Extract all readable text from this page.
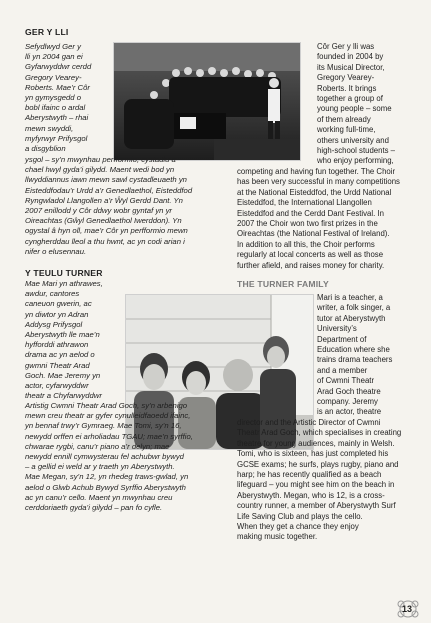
GER Y LLI
Sefydlwyd Ger y
lli yn 2004 gan ei
Gyfarwyddwr cerdd
Gregory Vearey-
Roberts. Mae’r Côr
yn gymysgedd o
bobl ifainc o ardal
Aberystwyth – rhai
mewn swyddi,
myfyrwyr Prifysgol
a disgyblion
ysgol – sy’n mwynhau perfformio, cystadlu a
chael hwyl gyda’i gilydd. Maent wedi bod yn
llwyddiannus iawn mewn sawl cystadleuaeth yn
Eisteddfodau’r Urdd a’r Genedlaethol, Eisteddfod
Ryngwladol Llangollen a’r Ŵyl Gerdd Dant. Yn
2007 enillodd y Côr ddwy wobr gyntaf yn yr
Oireachtas (Gŵyl Genedlaethol Iwerddon). Yn
ogystal â hyn oll, mae’r Côr yn perfformio mewn
cyngherddau lleol a thu hwnt, ac yn codi arian i
nifer o elusennau.
Côr Ger y lli was
founded in 2004 by
its Musical Director,
Gregory Vearey-
Roberts. It brings
together a group of
young people – some
of them already
working full-time,
others university and
high-school students –
who enjoy performing,
competing and having fun together. The Choir
has been very successful in many competitions
at the National Eisteddfod, the Urdd National
Eisteddfod, the International Llangollen
Eisteddfod and the Cerdd Dant Festival. In
2007 the Choir won two first prizes in the
Oireachtas (the National Festival of Ireland).
In addition to all this, the Choir performs
regularly at local concerts as well as those
further afield, and raises money for charity.
Y TEULU TURNER
THE TURNER FAMILY
Mae Mari yn athrawes,
awdur, cantores
caneuon gwerin, ac
yn diwtor yn Adran
Addysg Prifysgol
Aberystwyth lle mae’n
hyfforddi athrawon
drama ac yn aelod o
gwmni Theatr Arad
Goch. Mae Jeremy yn
actor, cyfarwyddwr
theatr a Chyfarwyddwr
Artistig Cwmni Theatr Arad Goch, sy’n arbenigo
mewn creu theatr ar gyfer cynulleidfaoedd ifainc,
yn bennaf trwy’r Gymraeg. Mae Tomi, sy’n 16,
newydd orffen ei arholiadau TGAU; mae’n syrffio,
chwarae rygbi, canu’r piano a’r delyn; mae
newydd ennill cymwysterau fel achubwr bywyd
– a gellid ei weld ar y traeth yn Aberystwyth.
Mae Megan, sy’n 12, yn rhedeg traws-gwlad, yn
aelod o Glwb Achub Bywyd Syrffio Aberystwyth
ac yn canu’r cello. Maent yn mwynhau creu
cerddoriaeth gyda’i gilydd – pan fo cyfle.
Mari is a teacher, a
writer, a folk singer, a
tutor at Aberystwyth
University’s
Department of
Education where she
trains drama teachers
and a member
of Cwmni Theatr
Arad Goch theatre
company. Jeremy
is an actor, theatre
director and the Artistic Director of Cwmni
Theatr Arad Goch, which specialises in creating
theatre for young audiences, mainly in Welsh.
Tomi, who is sixteen, has just completed his
GCSE exams; he surfs, plays rugby, piano and
harp; he has recently qualified as a beach
lifeguard – you might see him on the beach in
Aberystwyth. Megan, who is 12, is a cross-
country runner, a member of Aberystwyth Surf
Life Saving Club and plays the cello.
When they get a chance they enjoy
making music together.
13
